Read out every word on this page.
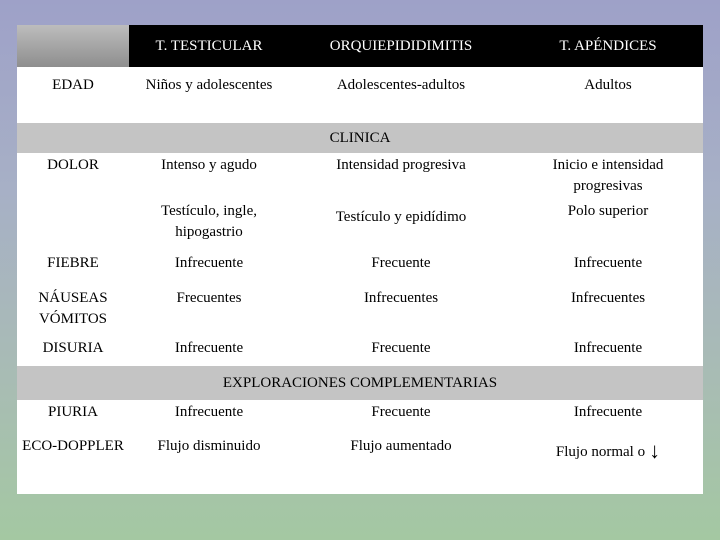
	T. TESTICULAR	ORQUIEPIDIDIMITIS	T. APÉNDICES
EDAD	Niños y adolescentes	Adolescentes-adultos	Adultos
CLINICA			
DOLOR	Intenso y agudo	Intensidad progresiva	Inicio e intensidad progresivas
	Testículo, ingle, hipogastrio	Testículo y epidídimo	Polo superior
FIEBRE	Infrecuente	Frecuente	Infrecuente
NÁUSEAS VÓMITOS	Frecuentes	Infrecuentes	Infrecuentes
DISURIA	Infrecuente	Frecuente	Infrecuente
EXPLORACIONES COMPLEMENTARIAS			
PIURIA	Infrecuente	Frecuente	Infrecuente
ECO-DOPPLER	Flujo disminuido	Flujo aumentado	Flujo normal o ↓
